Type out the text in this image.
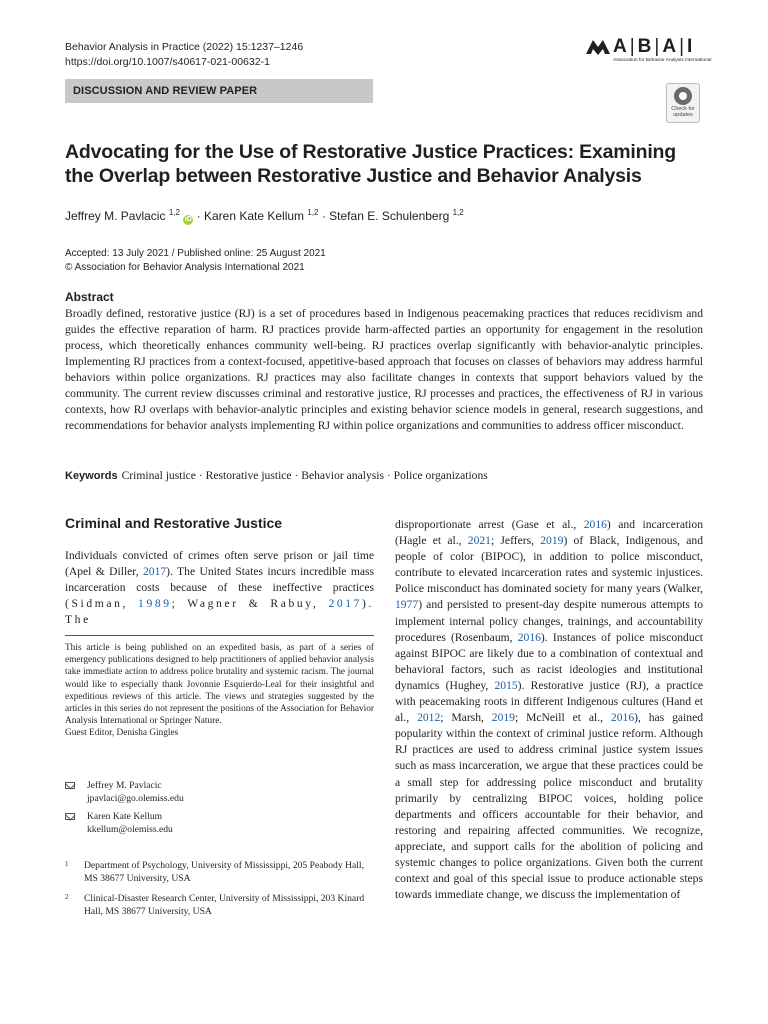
Behavior Analysis in Practice (2022) 15:1237–1246
https://doi.org/10.1007/s40617-021-00632-1
A | B | A | I
Association for Behavior Analysis International
DISCUSSION AND REVIEW PAPER
Check for updates
Advocating for the Use of Restorative Justice Practices: Examining the Overlap between Restorative Justice and Behavior Analysis
Jeffrey M. Pavlacic $^{1,2}$ iD · Karen Kate Kellum $^{1,2}$ · Stefan E. Schulenberg $^{1,2}$
Accepted: 13 July 2021 / Published online: 25 August 2021
© Association for Behavior Analysis International 2021
Abstract
Broadly defined, restorative justice (RJ) is a set of procedures based in Indigenous peacemaking practices that reduces recidivism and guides the effective reparation of harm. RJ practices provide harm-affected parties an opportunity for engagement in the resolution process, which theoretically enhances community well-being. RJ practices overlap significantly with behavior-analytic principles. Implementing RJ practices from a context-focused, appetitive-based approach that focuses on classes of behaviors may address harmful behaviors within police organizations. RJ practices may also facilitate changes in contexts that support behaviors valued by the community. The current review discusses criminal and restorative justice, RJ processes and practices, the effectiveness of RJ in various contexts, how RJ overlaps with behavior-analytic principles and existing behavior science models in general, research suggestions, and recommendations for behavior analysts implementing RJ within police organizations and communities to address officer misconduct.
Keywords Criminal justice · Restorative justice · Behavior analysis · Police organizations
Criminal and Restorative Justice
Individuals convicted of crimes often serve prison or jail time (Apel & Diller, 2017). The United States incurs incredible mass incarceration costs because of these ineffective practices (Sidman, 1989; Wagner & Rabuy, 2017). The
This article is being published on an expedited basis, as part of a series of emergency publications designed to help practitioners of applied behavior analysis take immediate action to address police brutality and systemic racism. The journal would like to especially thank Jovonnie Esquierdo-Leal for their insightful and expeditious reviews of this article. The views and strategies suggested by the articles in this series do not represent the positions of the Association for Behavior Analysis International or Springer Nature.
Guest Editor, Denisha Gingles
Jeffrey M. Pavlacic
jpavlaci@go.olemiss.edu
Karen Kate Kellum
kkellum@olemiss.edu
1 Department of Psychology, University of Mississippi, 205 Peabody Hall, MS 38677 University, USA
2 Clinical-Disaster Research Center, University of Mississippi, 203 Kinard Hall, MS 38677 University, USA
disproportionate arrest (Gase et al., 2016) and incarceration (Hagle et al., 2021; Jeffers, 2019) of Black, Indigenous, and people of color (BIPOC), in addition to police misconduct, contribute to elevated incarceration rates and systemic injustices. Police misconduct has dominated society for many years (Walker, 1977) and persisted to present-day despite numerous attempts to implement internal policy changes, trainings, and accountability procedures (Rosenbaum, 2016). Instances of police misconduct against BIPOC are likely due to a combination of contextual and behavioral factors, such as racist ideologies and institutional dynamics (Hughey, 2015). Restorative justice (RJ), a practice with peacemaking roots in different Indigenous cultures (Hand et al., 2012; Marsh, 2019; McNeill et al., 2016), has gained popularity within the context of criminal justice reform. Although RJ practices are used to address criminal justice system issues such as mass incarceration, we argue that these practices could be a small step for addressing police misconduct and brutality primarily by centralizing BIPOC voices, holding police departments and officers accountable for their behavior, and restoring and repairing affected communities. We recognize, appreciate, and support calls for the abolition of policing and systemic changes to police organizations. Given both the current context and goal of this special issue to produce actionable steps towards immediate change, we discuss the implementation of
